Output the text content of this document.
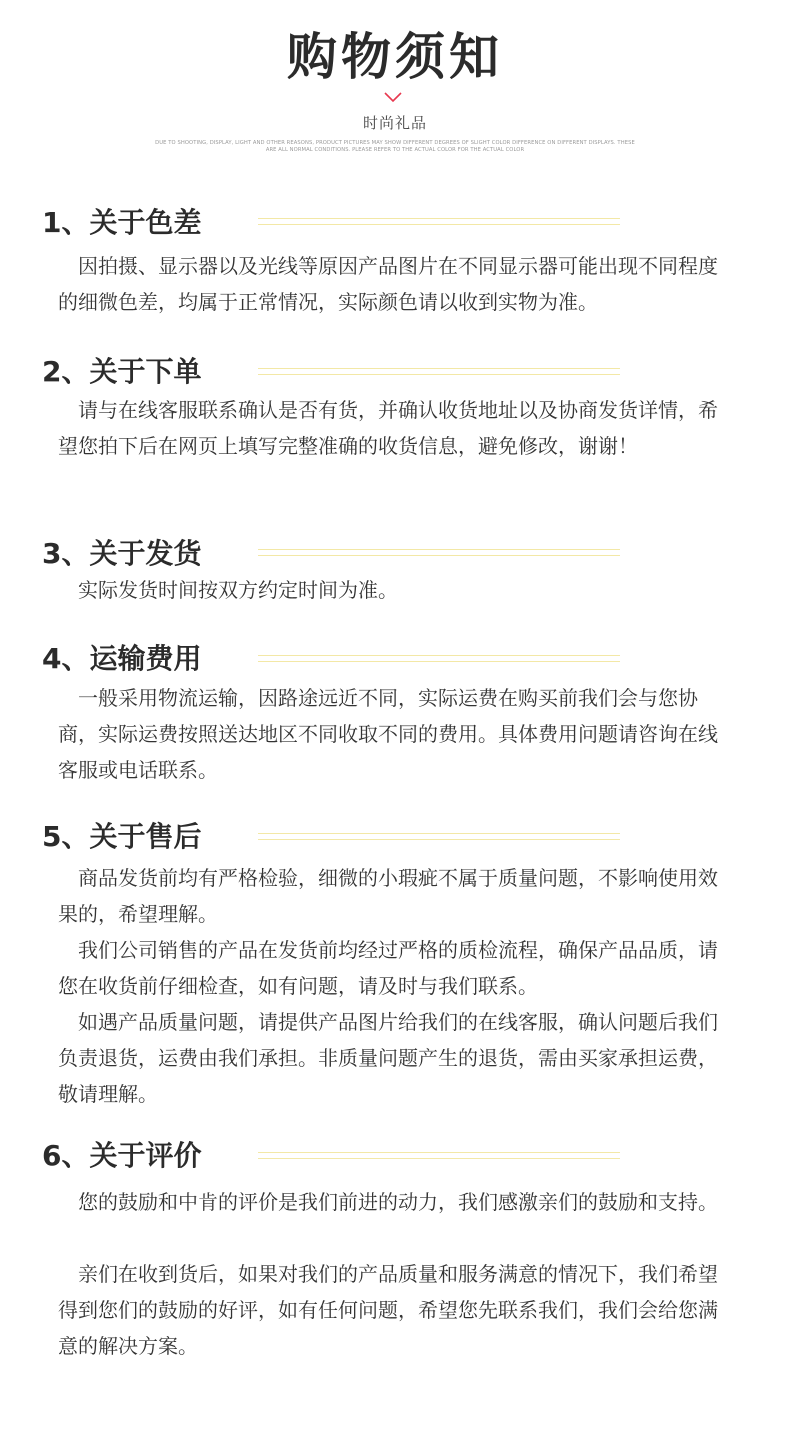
购物须知
时尚礼品
DUE TO SHOOTING, DISPLAY, LIGHT AND OTHER REASONS, PRODUCT PICTURES MAY SHOW DIFFERENT DEGREES OF SLIGHT COLOR DIFFERENCE ON DIFFERENT DISPLAYS. THESE ARE ALL NORMAL CONDITIONS. PLEASE REFER TO THE ACTUAL COLOR FOR THE ACTUAL COLOR
1、关于色差
因拍摄、显示器以及光线等原因产品图片在不同显示器可能出现不同程度的细微色差，均属于正常情况，实际颜色请以收到实物为准。
2、关于下单
请与在线客服联系确认是否有货，并确认收货地址以及协商发货详情，希望您拍下后在网页上填写完整准确的收货信息，避免修改，谢谢！
3、关于发货
实际发货时间按双方约定时间为准。
4、运输费用
一般采用物流运输，因路途远近不同，实际运费在购买前我们会与您协商，实际运费按照送达地区不同收取不同的费用。具体费用问题请咨询在线客服或电话联系。
5、关于售后
商品发货前均有严格检验，细微的小瑕疵不属于质量问题，不影响使用效果的，希望理解。
我们公司销售的产品在发货前均经过严格的质检流程，确保产品品质，请您在收货前仔细检查，如有问题，请及时与我们联系。
如遇产品质量问题，请提供产品图片给我们的在线客服，确认问题后我们负责退货，运费由我们承担。非质量问题产生的退货，需由买家承担运费，敬请理解。
6、关于评价
您的鼓励和中肯的评价是我们前进的动力，我们感激亲们的鼓励和支持。
亲们在收到货后，如果对我们的产品质量和服务满意的情况下，我们希望得到您们的鼓励的好评，如有任何问题，希望您先联系我们，我们会给您满意的解决方案。
